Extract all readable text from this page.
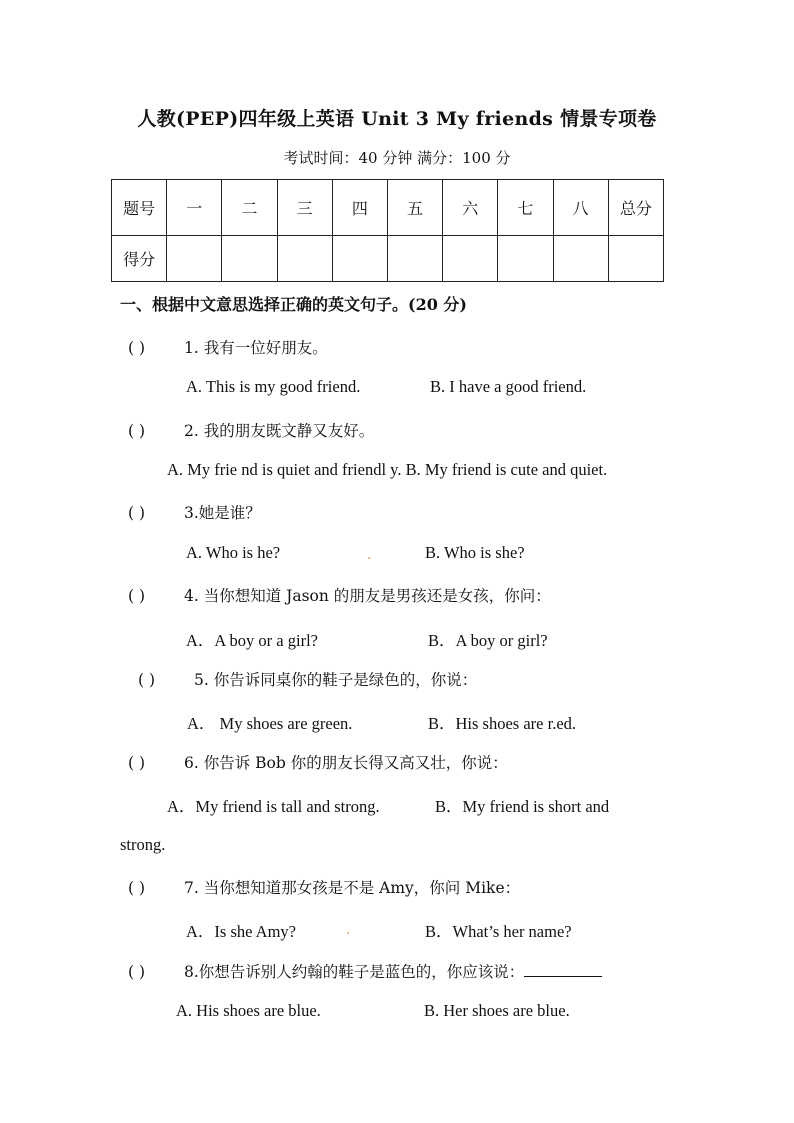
人教(PEP)四年级上英语 Unit 3 My friends 情景专项卷
考试时间：40 分钟 满分：100 分
题号	一	二	三	四	五	六	七	八	总分
得分									
一、根据中文意思选择正确的英文句子。(20 分)
( )	1. 我有一位好朋友。
A. This is my good friend.	B. I have a good friend.
( )	2. 我的朋友既文静又友好。
A. My frie nd is quiet and friendl y. B. My friend is cute and quiet.
( )	3.她是谁？
A. Who is he?	.	B. Who is she?
( )	4. 当你想知道 Jason 的朋友是男孩还是女孩，你问：
A．A boy or a girl?	B．A boy or girl?
( )	5. 你告诉同桌你的鞋子是绿色的，你说：
A． My shoes are green.	B．His shoes are r.ed.
( )	6. 你告诉 Bob 你的朋友长得又高又壮，你说：
A．My friend is tall and strong.	B．My friend is short and
strong.
( )	7. 当你想知道那女孩是不是 Amy，你问 Mike：
A．Is she Amy?	.	B．What’s her name?
( )	8.你想告诉别人约翰的鞋子是蓝色的，你应该说：
A. His shoes are blue.	B. Her shoes are blue.
